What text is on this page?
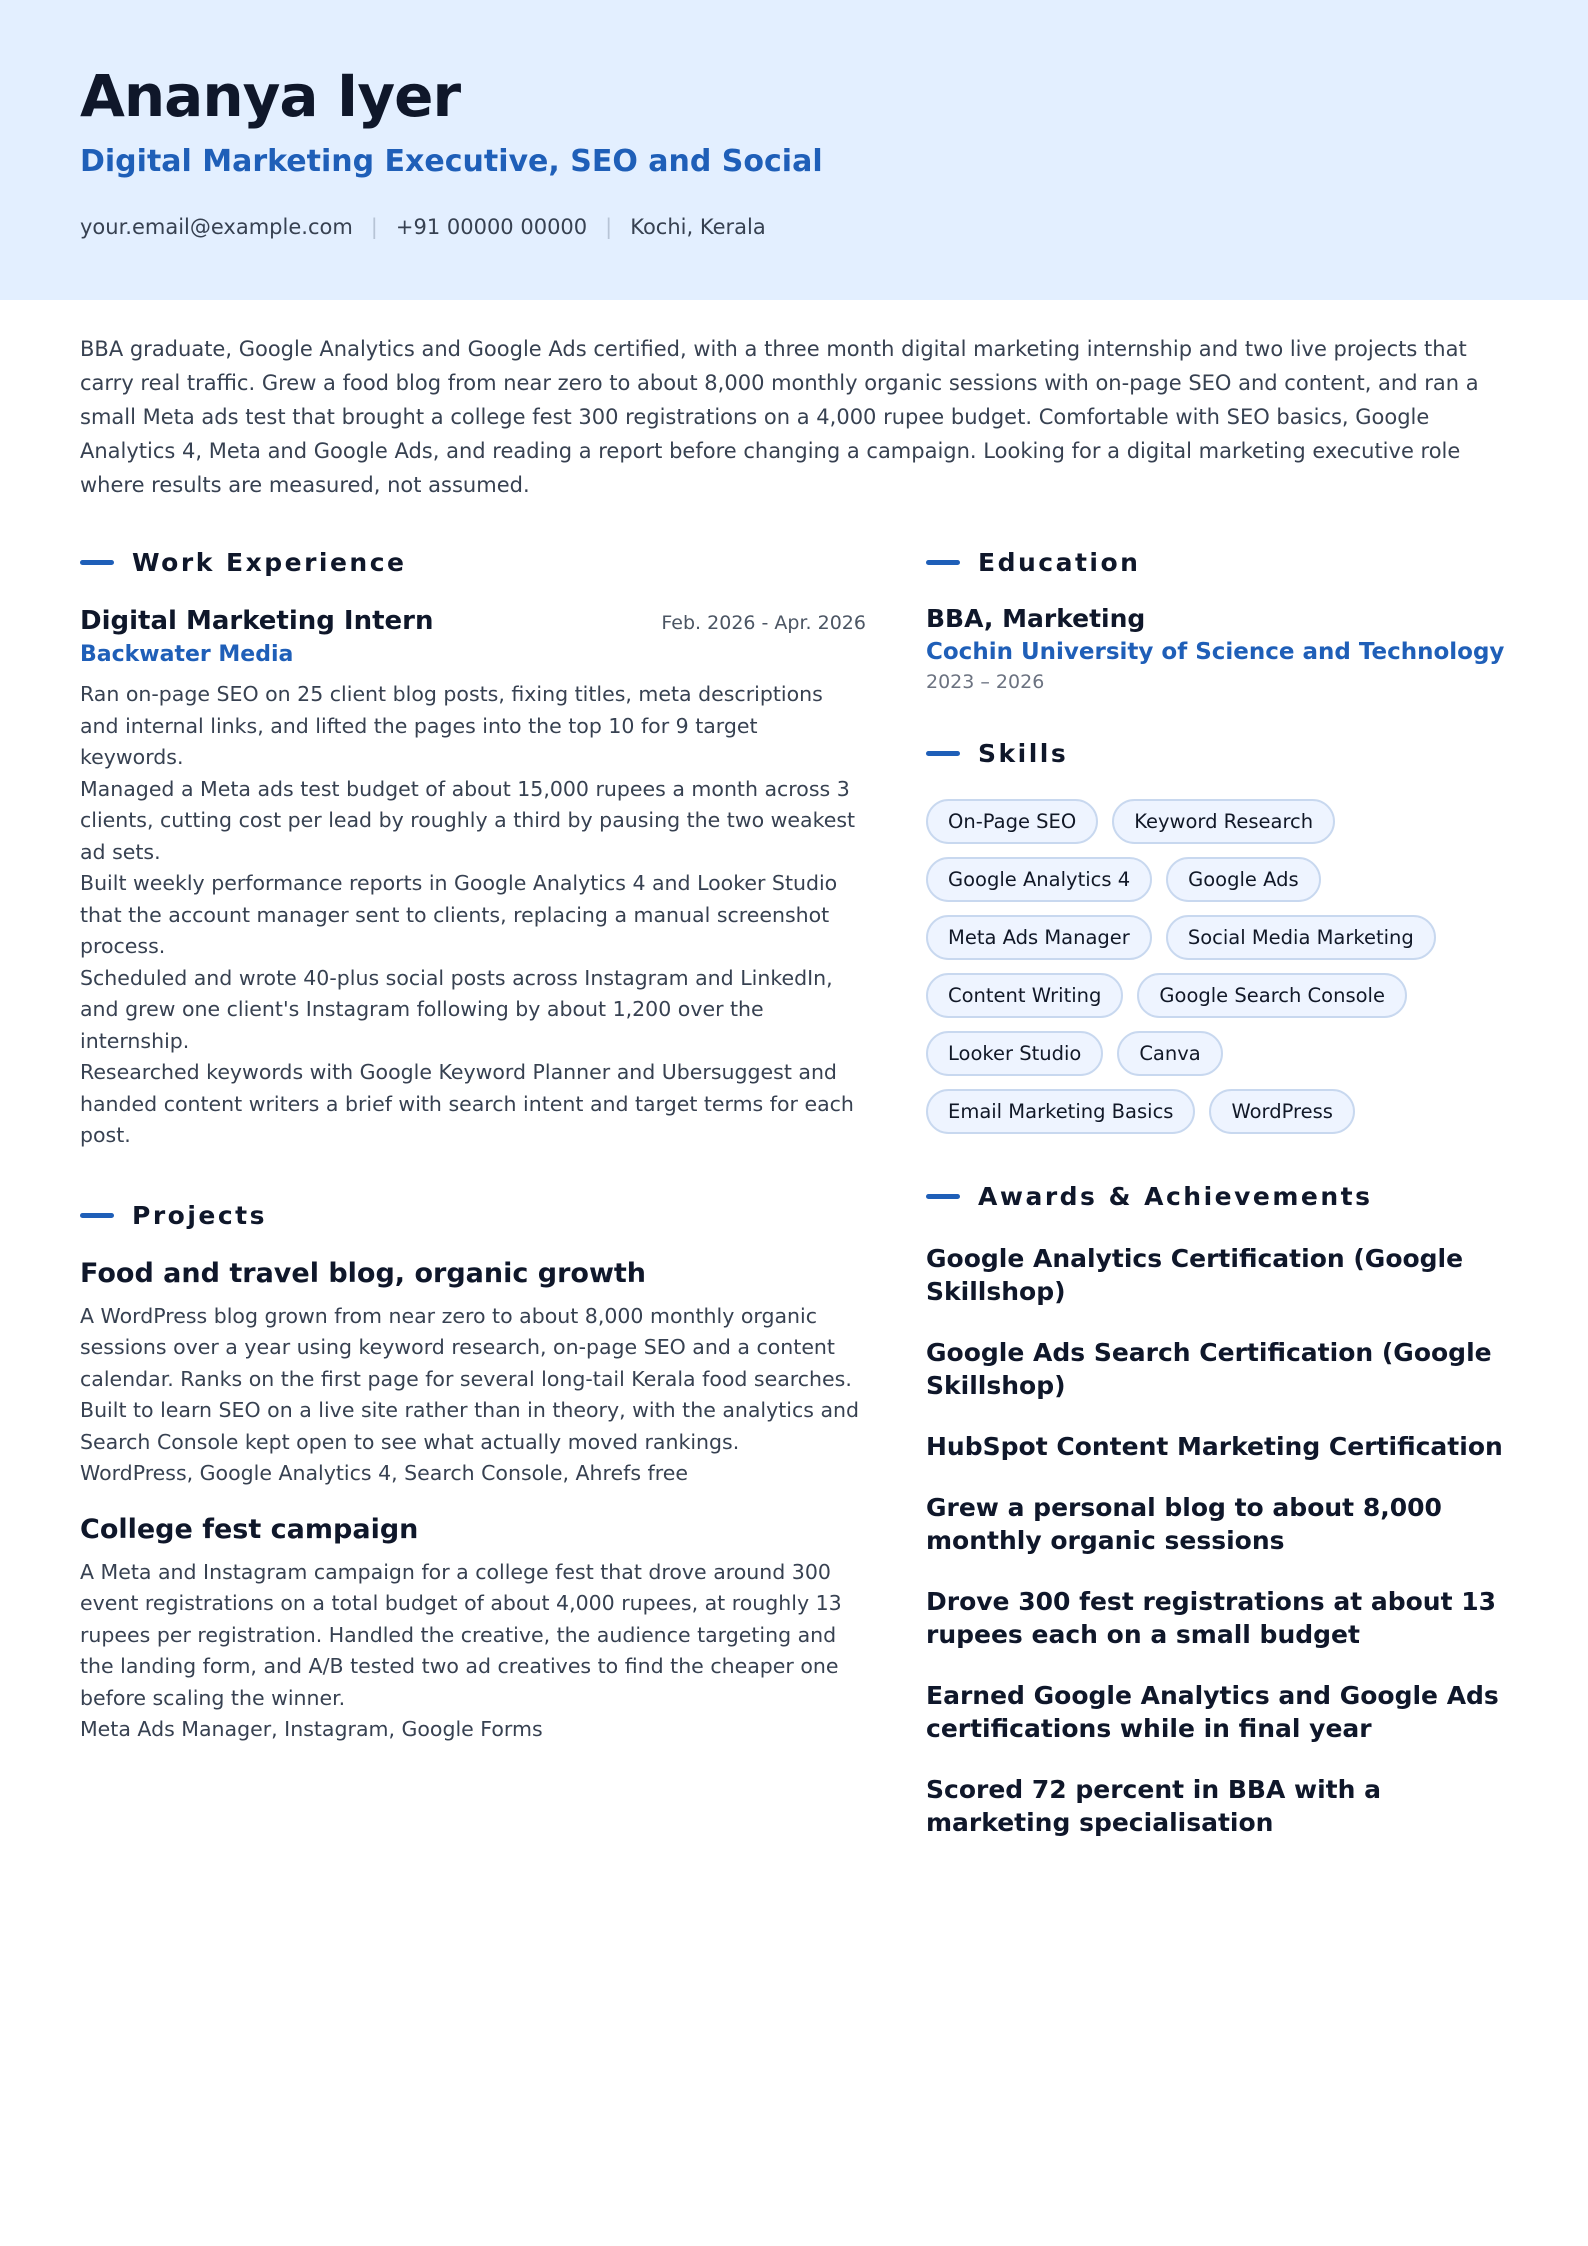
Ananya Iyer
Digital Marketing Executive, SEO and Social
your.email@example.com | +91 00000 00000 | Kochi, Kerala
BBA graduate, Google Analytics and Google Ads certified, with a three month digital marketing internship and two live projects that carry real traffic. Grew a food blog from near zero to about 8,000 monthly organic sessions with on-page SEO and content, and ran a small Meta ads test that brought a college fest 300 registrations on a 4,000 rupee budget. Comfortable with SEO basics, Google Analytics 4, Meta and Google Ads, and reading a report before changing a campaign. Looking for a digital marketing executive role where results are measured, not assumed.
Work Experience
Digital Marketing Intern	Feb. 2026 - Apr. 2026
Backwater Media
Ran on-page SEO on 25 client blog posts, fixing titles, meta descriptions and internal links, and lifted the pages into the top 10 for 9 target keywords.
Managed a Meta ads test budget of about 15,000 rupees a month across 3 clients, cutting cost per lead by roughly a third by pausing the two weakest ad sets.
Built weekly performance reports in Google Analytics 4 and Looker Studio that the account manager sent to clients, replacing a manual screenshot process.
Scheduled and wrote 40-plus social posts across Instagram and LinkedIn, and grew one client's Instagram following by about 1,200 over the internship.
Researched keywords with Google Keyword Planner and Ubersuggest and handed content writers a brief with search intent and target terms for each post.
Projects
Food and travel blog, organic growth
A WordPress blog grown from near zero to about 8,000 monthly organic sessions over a year using keyword research, on-page SEO and a content calendar. Ranks on the first page for several long-tail Kerala food searches. Built to learn SEO on a live site rather than in theory, with the analytics and Search Console kept open to see what actually moved rankings.
WordPress, Google Analytics 4, Search Console, Ahrefs free
College fest campaign
A Meta and Instagram campaign for a college fest that drove around 300 event registrations on a total budget of about 4,000 rupees, at roughly 13 rupees per registration. Handled the creative, the audience targeting and the landing form, and A/B tested two ad creatives to find the cheaper one before scaling the winner.
Meta Ads Manager, Instagram, Google Forms
Education
BBA, Marketing
Cochin University of Science and Technology
2023 – 2026
Skills
On-Page SEO	Keyword Research
Google Analytics 4	Google Ads
Meta Ads Manager	Social Media Marketing
Content Writing	Google Search Console
Looker Studio	Canva
Email Marketing Basics	WordPress
Awards & Achievements
Google Analytics Certification (Google Skillshop)
Google Ads Search Certification (Google Skillshop)
HubSpot Content Marketing Certification
Grew a personal blog to about 8,000 monthly organic sessions
Drove 300 fest registrations at about 13 rupees each on a small budget
Earned Google Analytics and Google Ads certifications while in final year
Scored 72 percent in BBA with a marketing specialisation
